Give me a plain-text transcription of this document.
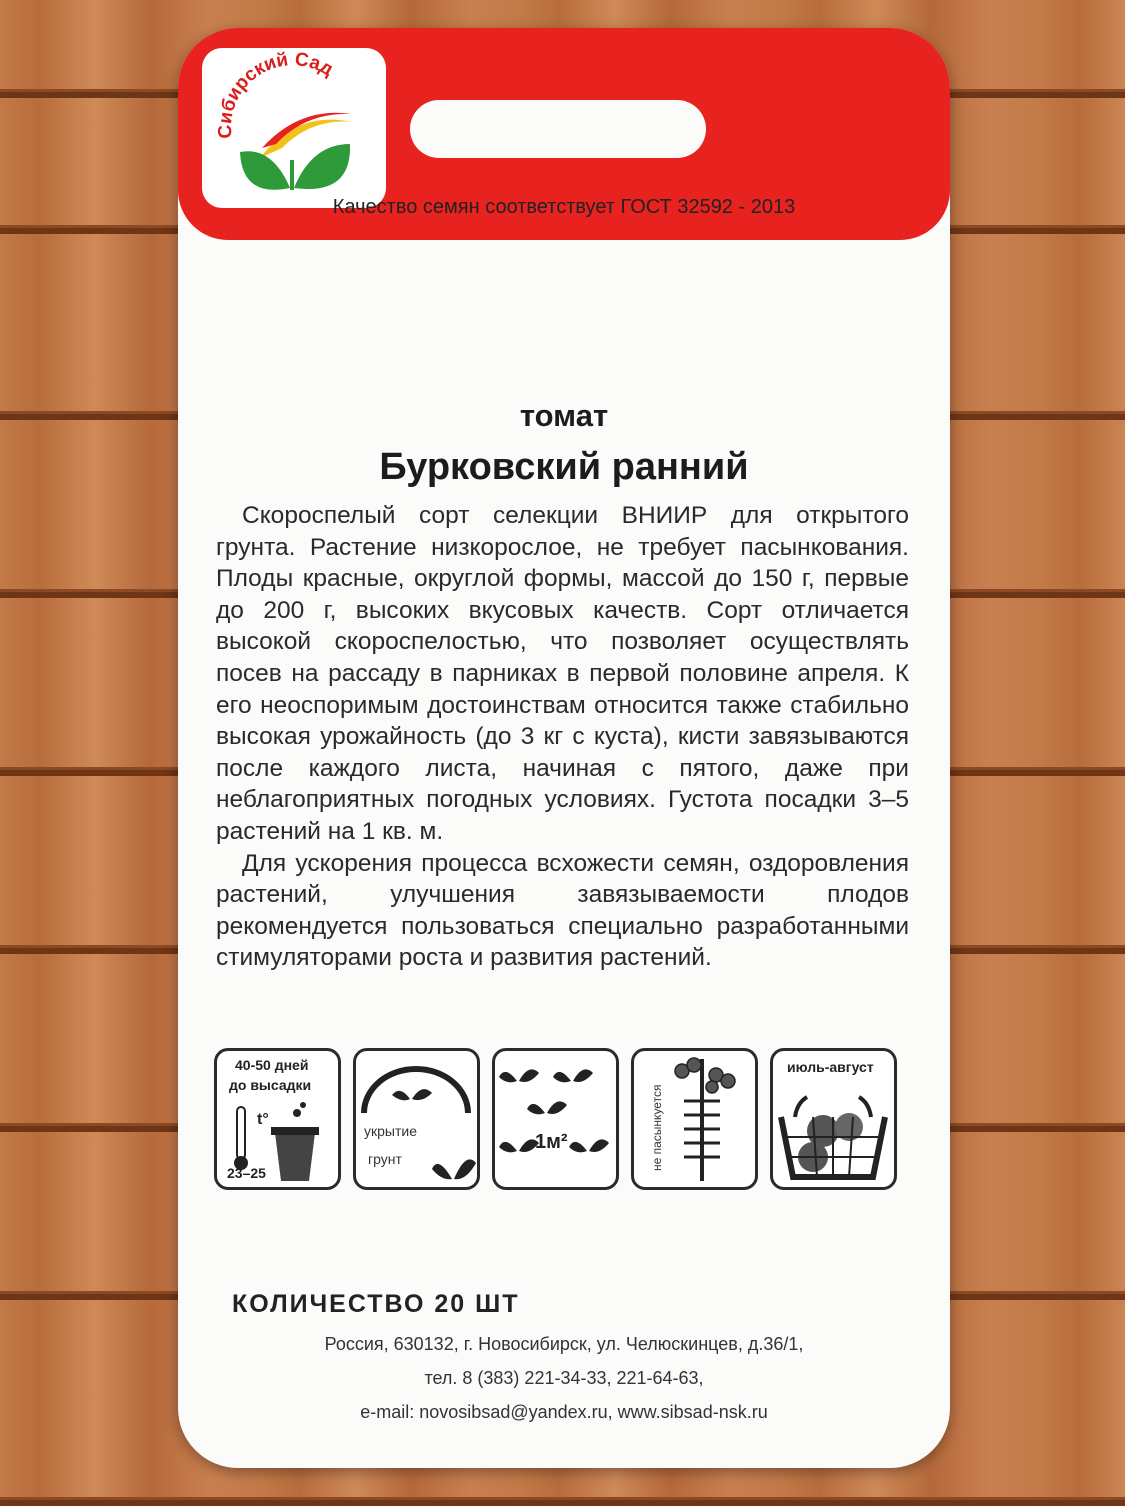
Сибирский Сад
Качество семян соответствует ГОСТ 32592 - 2013
томат
Бурковский ранний

Скороспелый сорт селекции ВНИИР для открытого грунта. Растение низкорослое, не требует пасынкования. Плоды красные, округлой формы, массой до 150 г, первые до 200 г, высоких вкусовых качеств. Сорт отличается высокой скороспелостью, что позволяет осуществлять посев на рассаду в парниках в первой половине апреля. К его неоспоримым достоинствам относится также стабильно высокая урожайность (до 3 кг с куста), кисти завязываются после каждого листа, начиная с пятого, даже при неблагоприятных погодных условиях. Густота посадки 3–5 растений на 1 кв. м.

Для ускорения процесса всхожести семян, оздоровления растений, улучшения завязываемости плодов рекомендуется пользоваться специально разработанными стимуляторами роста и развития растений.

40-50 дней
до высадки
t°
23–25
укрытие
грунт
1м²	не пасынкуется
июль-август
КОЛИЧЕСТВО 20 ШТ
Россия, 630132, г. Новосибирск, ул. Челюскинцев, д.36/1,
тел. 8 (383) 221-34-33, 221-64-63,
e-mail: novosibsad@yandex.ru, www.sibsad-nsk.ru
